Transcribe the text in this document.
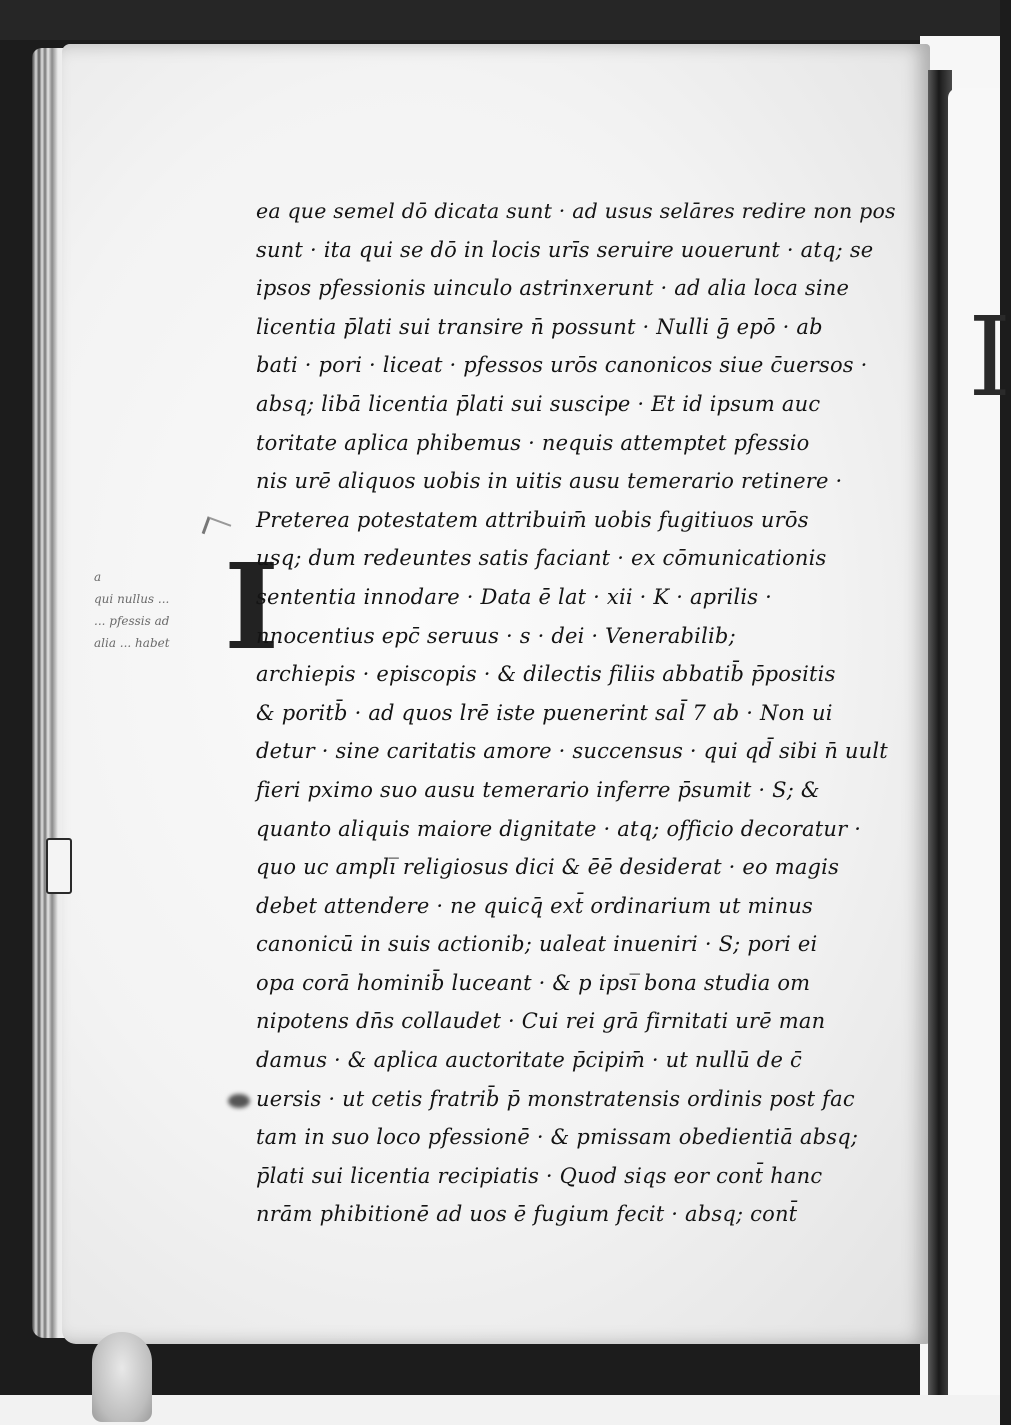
I
a
qui nullus ...
... pfessis ad
alia ... habet I
ea que semel dō dicata sunt · ad usus selāres redire non pos
sunt · ita qui se dō in locis urīs seruire uouerunt · atq; se
ipsos pfessionis uinculo astrinxerunt · ad alia loca sine
licentia p̄lati sui transire n̄ possunt · Nulli ḡ epō · ab
bati · pori · liceat · pfessos urōs canonicos siue c̄uersos ·
absq; libā licentia p̄lati sui suscipe · Et id ipsum auc
toritate aplica phibemus · nequis attemptet pfessio
nis urē aliquos uobis in uitis ausu temerario retinere ·
Preterea potestatem attribuim̄ uobis fugitiuos urōs
usq; dum redeuntes satis faciant · ex cōmunicationis
sententia innodare · Data ē lat · xii · K · aprilis ·
nnocentius epc̄ seruus · s · dei · Venerabilib;
archiepis · episcopis · & dilectis filiis abbatib̄ p̄positis
& poritb̄ · ad quos lrē iste puenerint sal̄ 7 ab · Non ui
detur · sine caritatis amore · succensus · qui qd̄ sibi n̄ uult
fieri pximo suo ausu temerario inferre p̄sumit · S; &
quanto aliquis maiore dignitate · atq; officio decoratur ·
quo uc ampli̅ religiosus dici & ēē desiderat · eo magis
debet attendere · ne quicq̄ ext̄ ordinarium ut minus
canonicū in suis actionib; ualeat inueniri · S; pori ei
opa corā hominib̄ luceant · & p ipsi̅ bona studia om
nipotens dn̄s collaudet · Cui rei grā firnitati urē man
damus · & aplica auctoritate p̄cipim̄ · ut nullū de c̄
uersis · ut cetis fratrib̄ p̄ monstratensis ordinis post fac
tam in suo loco pfessionē · & pmissam obedientiā absq;
p̄lati sui licentia recipiatis · Quod siqs eor cont̄ hanc
nrām phibitionē ad uos ē fugium fecit · absq; cont̄
